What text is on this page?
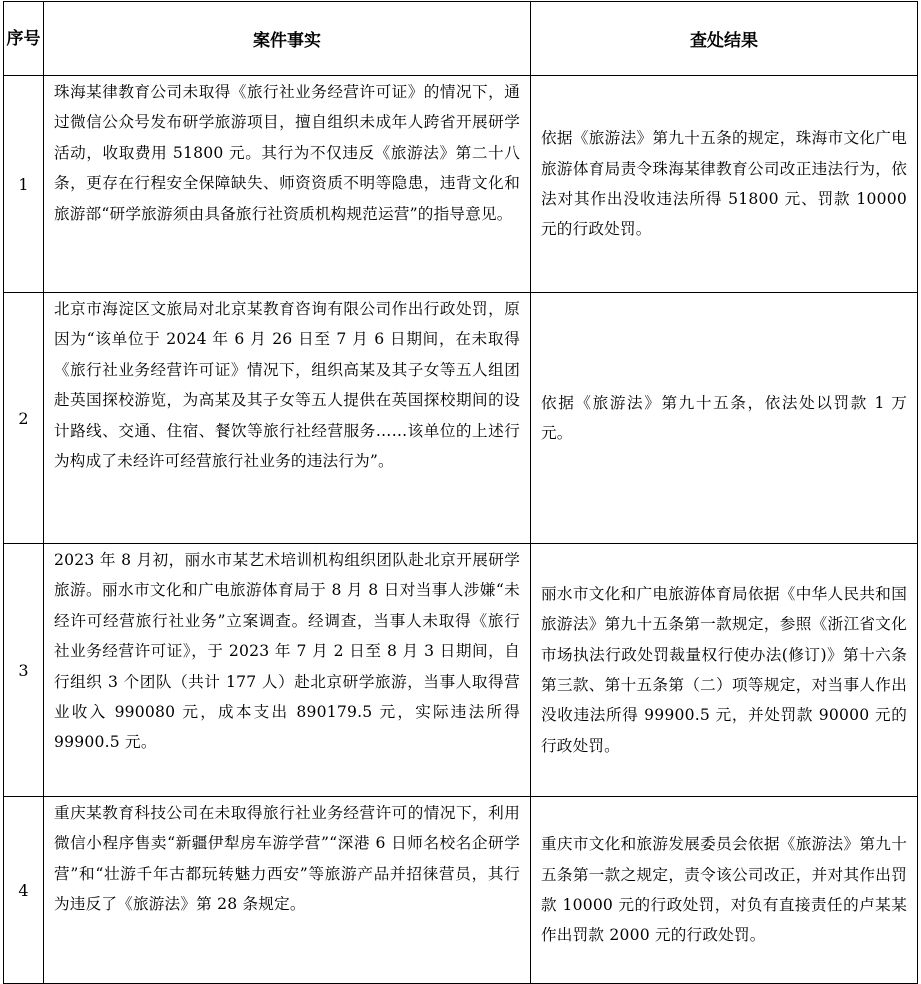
序号	案件事实	查处结果
1	珠海某律教育公司未取得《旅行社业务经营许可证》的情况下，通过微信公众号发布研学旅游项目，擅自组织未成年人跨省开展研学活动，收取费用 51800 元。其行为不仅违反《旅游法》第二十八条，更存在行程安全保障缺失、师资资质不明等隐患，违背文化和旅游部“研学旅游须由具备旅行社资质机构规范运营”的指导意见。	依据《旅游法》第九十五条的规定，珠海市文化广电旅游体育局责令珠海某律教育公司改正违法行为，依法对其作出没收违法所得 51800 元、罚款 10000 元的行政处罚。
2	北京市海淀区文旅局对北京某教育咨询有限公司作出行政处罚，原因为“该单位于 2024 年 6 月 26 日至 7 月 6 日期间，在未取得《旅行社业务经营许可证》情况下，组织高某及其子女等五人组团赴英国探校游览，为高某及其子女等五人提供在英国探校期间的设计路线、交通、住宿、餐饮等旅行社经营服务……该单位的上述行为构成了未经许可经营旅行社业务的违法行为”。	依据《旅游法》第九十五条，依法处以罚款 1 万元。
3	2023 年 8 月初，丽水市某艺术培训机构组织团队赴北京开展研学旅游。丽水市文化和广电旅游体育局于 8 月 8 日对当事人涉嫌“未经许可经营旅行社业务”立案调查。经调查，当事人未取得《旅行社业务经营许可证》，于 2023 年 7 月 2 日至 8 月 3 日期间，自行组织 3 个团队（共计 177 人）赴北京研学旅游，当事人取得营业收入 990080 元，成本支出 890179.5 元，实际违法所得 99900.5 元。	丽水市文化和广电旅游体育局依据《中华人民共和国旅游法》第九十五条第一款规定，参照《浙江省文化市场执法行政处罚裁量权行使办法(修订)》第十六条第三款、第十五条第（二）项等规定，对当事人作出没收违法所得 99900.5 元，并处罚款 90000 元的行政处罚。
4	重庆某教育科技公司在未取得旅行社业务经营许可的情况下，利用微信小程序售卖“新疆伊犁房车游学营”“深港 6 日师名校名企研学营”和“壮游千年古都玩转魅力西安”等旅游产品并招徕营员，其行为违反了《旅游法》第 28 条规定。	重庆市文化和旅游发展委员会依据《旅游法》第九十五条第一款之规定，责令该公司改正，并对其作出罚款 10000 元的行政处罚，对负有直接责任的卢某某作出罚款 2000 元的行政处罚。
